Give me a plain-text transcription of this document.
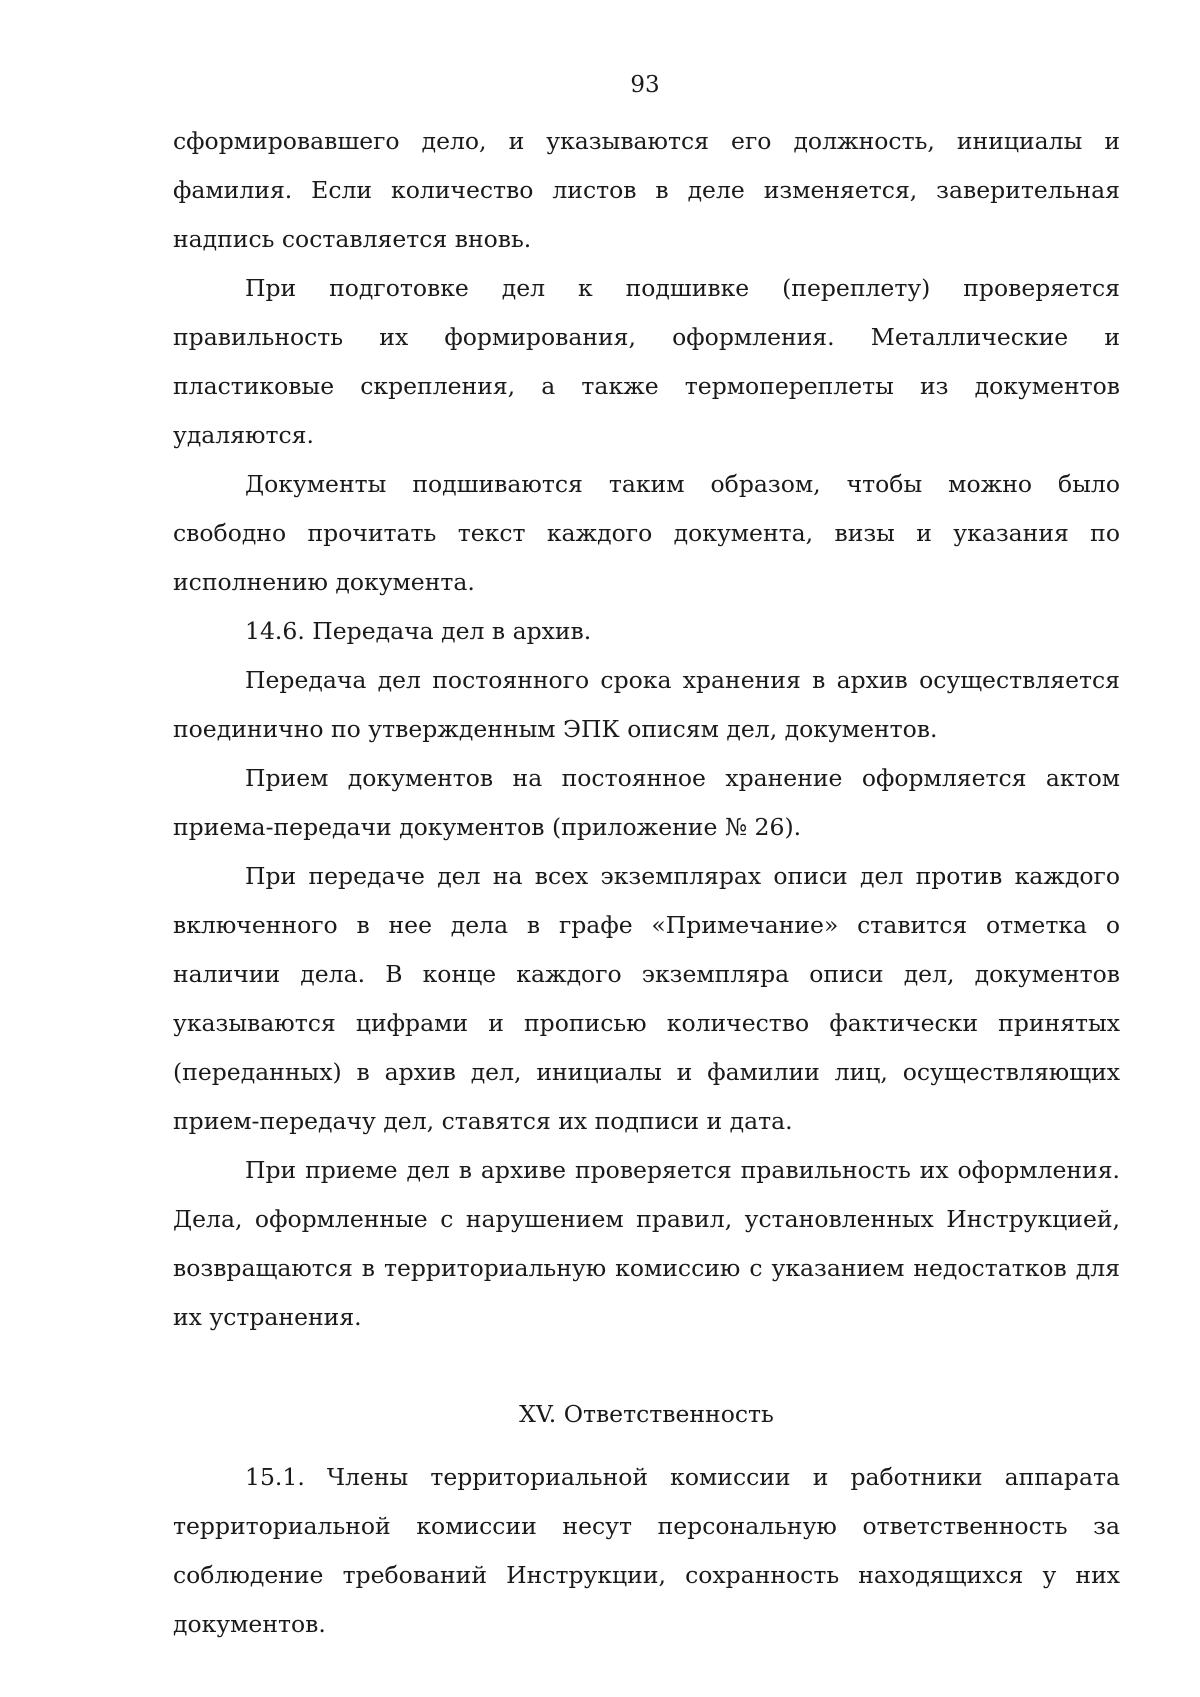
93

сформировавшего дело, и указываются его должность, инициалы и фамилия. Если количество листов в деле изменяется, заверительная надпись составляется вновь.

При подготовке дел к подшивке (переплету) проверяется правильность их формирования, оформления. Металлические и пластиковые скрепления, а также термопереплеты из документов удаляются.

Документы подшиваются таким образом, чтобы можно было свободно прочитать текст каждого документа, визы и указания по исполнению документа.

14.6. Передача дел в архив.

Передача дел постоянного срока хранения в архив осуществляется поединично по утвержденным ЭПК описям дел, документов.

Прием документов на постоянное хранение оформляется актом приема-передачи документов (приложение № 26).

При передаче дел на всех экземплярах описи дел против каждого включенного в нее дела в графе «Примечание» ставится отметка о наличии дела. В конце каждого экземпляра описи дел, документов указываются цифрами и прописью количество фактически принятых (переданных) в архив дел, инициалы и фамилии лиц, осуществляющих прием-передачу дел, ставятся их подписи и дата.

При приеме дел в архиве проверяется правильность их оформления. Дела, оформленные с нарушением правил, установленных Инструкцией, возвращаются в территориальную комиссию с указанием недостатков для их устранения.

XV. Ответственность

15.1. Члены территориальной комиссии и работники аппарата территориальной комиссии несут персональную ответственность за соблюдение требований Инструкции, сохранность находящихся у них документов.
